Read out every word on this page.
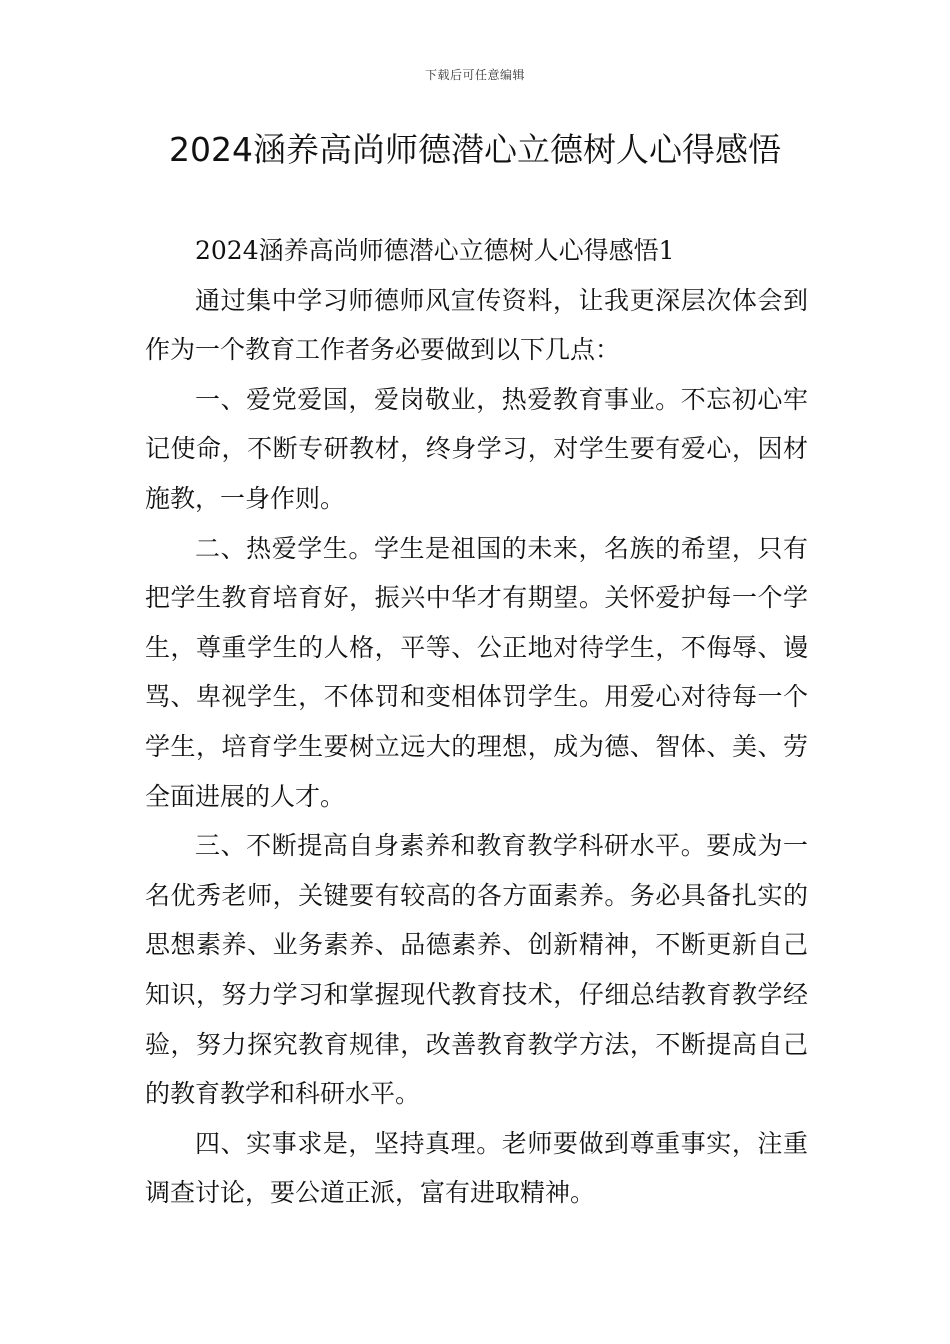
下载后可任意编辑
2024涵养高尚师德潜心立德树人心得感悟

2024涵养高尚师德潜心立德树人心得感悟1

通过集中学习师德师风宣传资料，让我更深层次体会到作为一个教育工作者务必要做到以下几点：

一、爱党爱国，爱岗敬业，热爱教育事业。不忘初心牢记使命，不断专研教材，终身学习，对学生要有爱心，因材施教，一身作则。

二、热爱学生。学生是祖国的未来，名族的希望，只有把学生教育培育好，振兴中华才有期望。关怀爱护每一个学生，尊重学生的人格，平等、公正地对待学生，不侮辱、谩骂、卑视学生，不体罚和变相体罚学生。用爱心对待每一个学生，培育学生要树立远大的理想，成为德、智体、美、劳全面进展的人才。

三、不断提高自身素养和教育教学科研水平。要成为一名优秀老师，关键要有较高的各方面素养。务必具备扎实的思想素养、业务素养、品德素养、创新精神，不断更新自己知识，努力学习和掌握现代教育技术，仔细总结教育教学经验，努力探究教育规律，改善教育教学方法，不断提高自己的教育教学和科研水平。

四、实事求是，坚持真理。老师要做到尊重事实，注重调查讨论，要公道正派，富有进取精神。
